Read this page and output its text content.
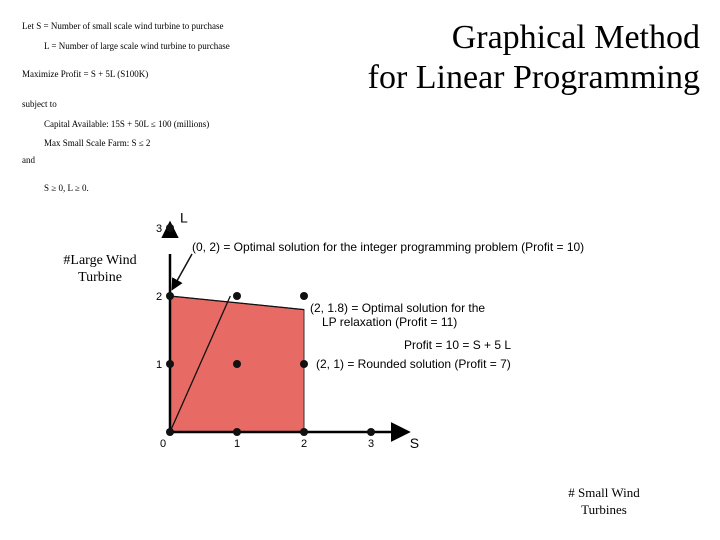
Let S = Number of small scale wind turbine to purchase
L = Number of large scale wind turbine to purchase
Maximize Profit = S + 5L (S100K)
subject to
Capital Available: 15S + 50L ≤ 100 (millions)
Max Small Scale Farm: S ≤ 2
and
S ≥ 0, L ≥ 0.
Graphical Method
for Linear Programming
0	1	2	3
1
2
3
L
S
(0, 2) = Optimal solution for the integer programming problem (Profit = 10)
(2, 1.8) = Optimal solution for the
LP relaxation (Profit = 11)
Profit = 10 = S + 5 L
(2, 1) = Rounded solution (Profit = 7)
#Large Wind
Turbine
# Small Wind
Turbines
